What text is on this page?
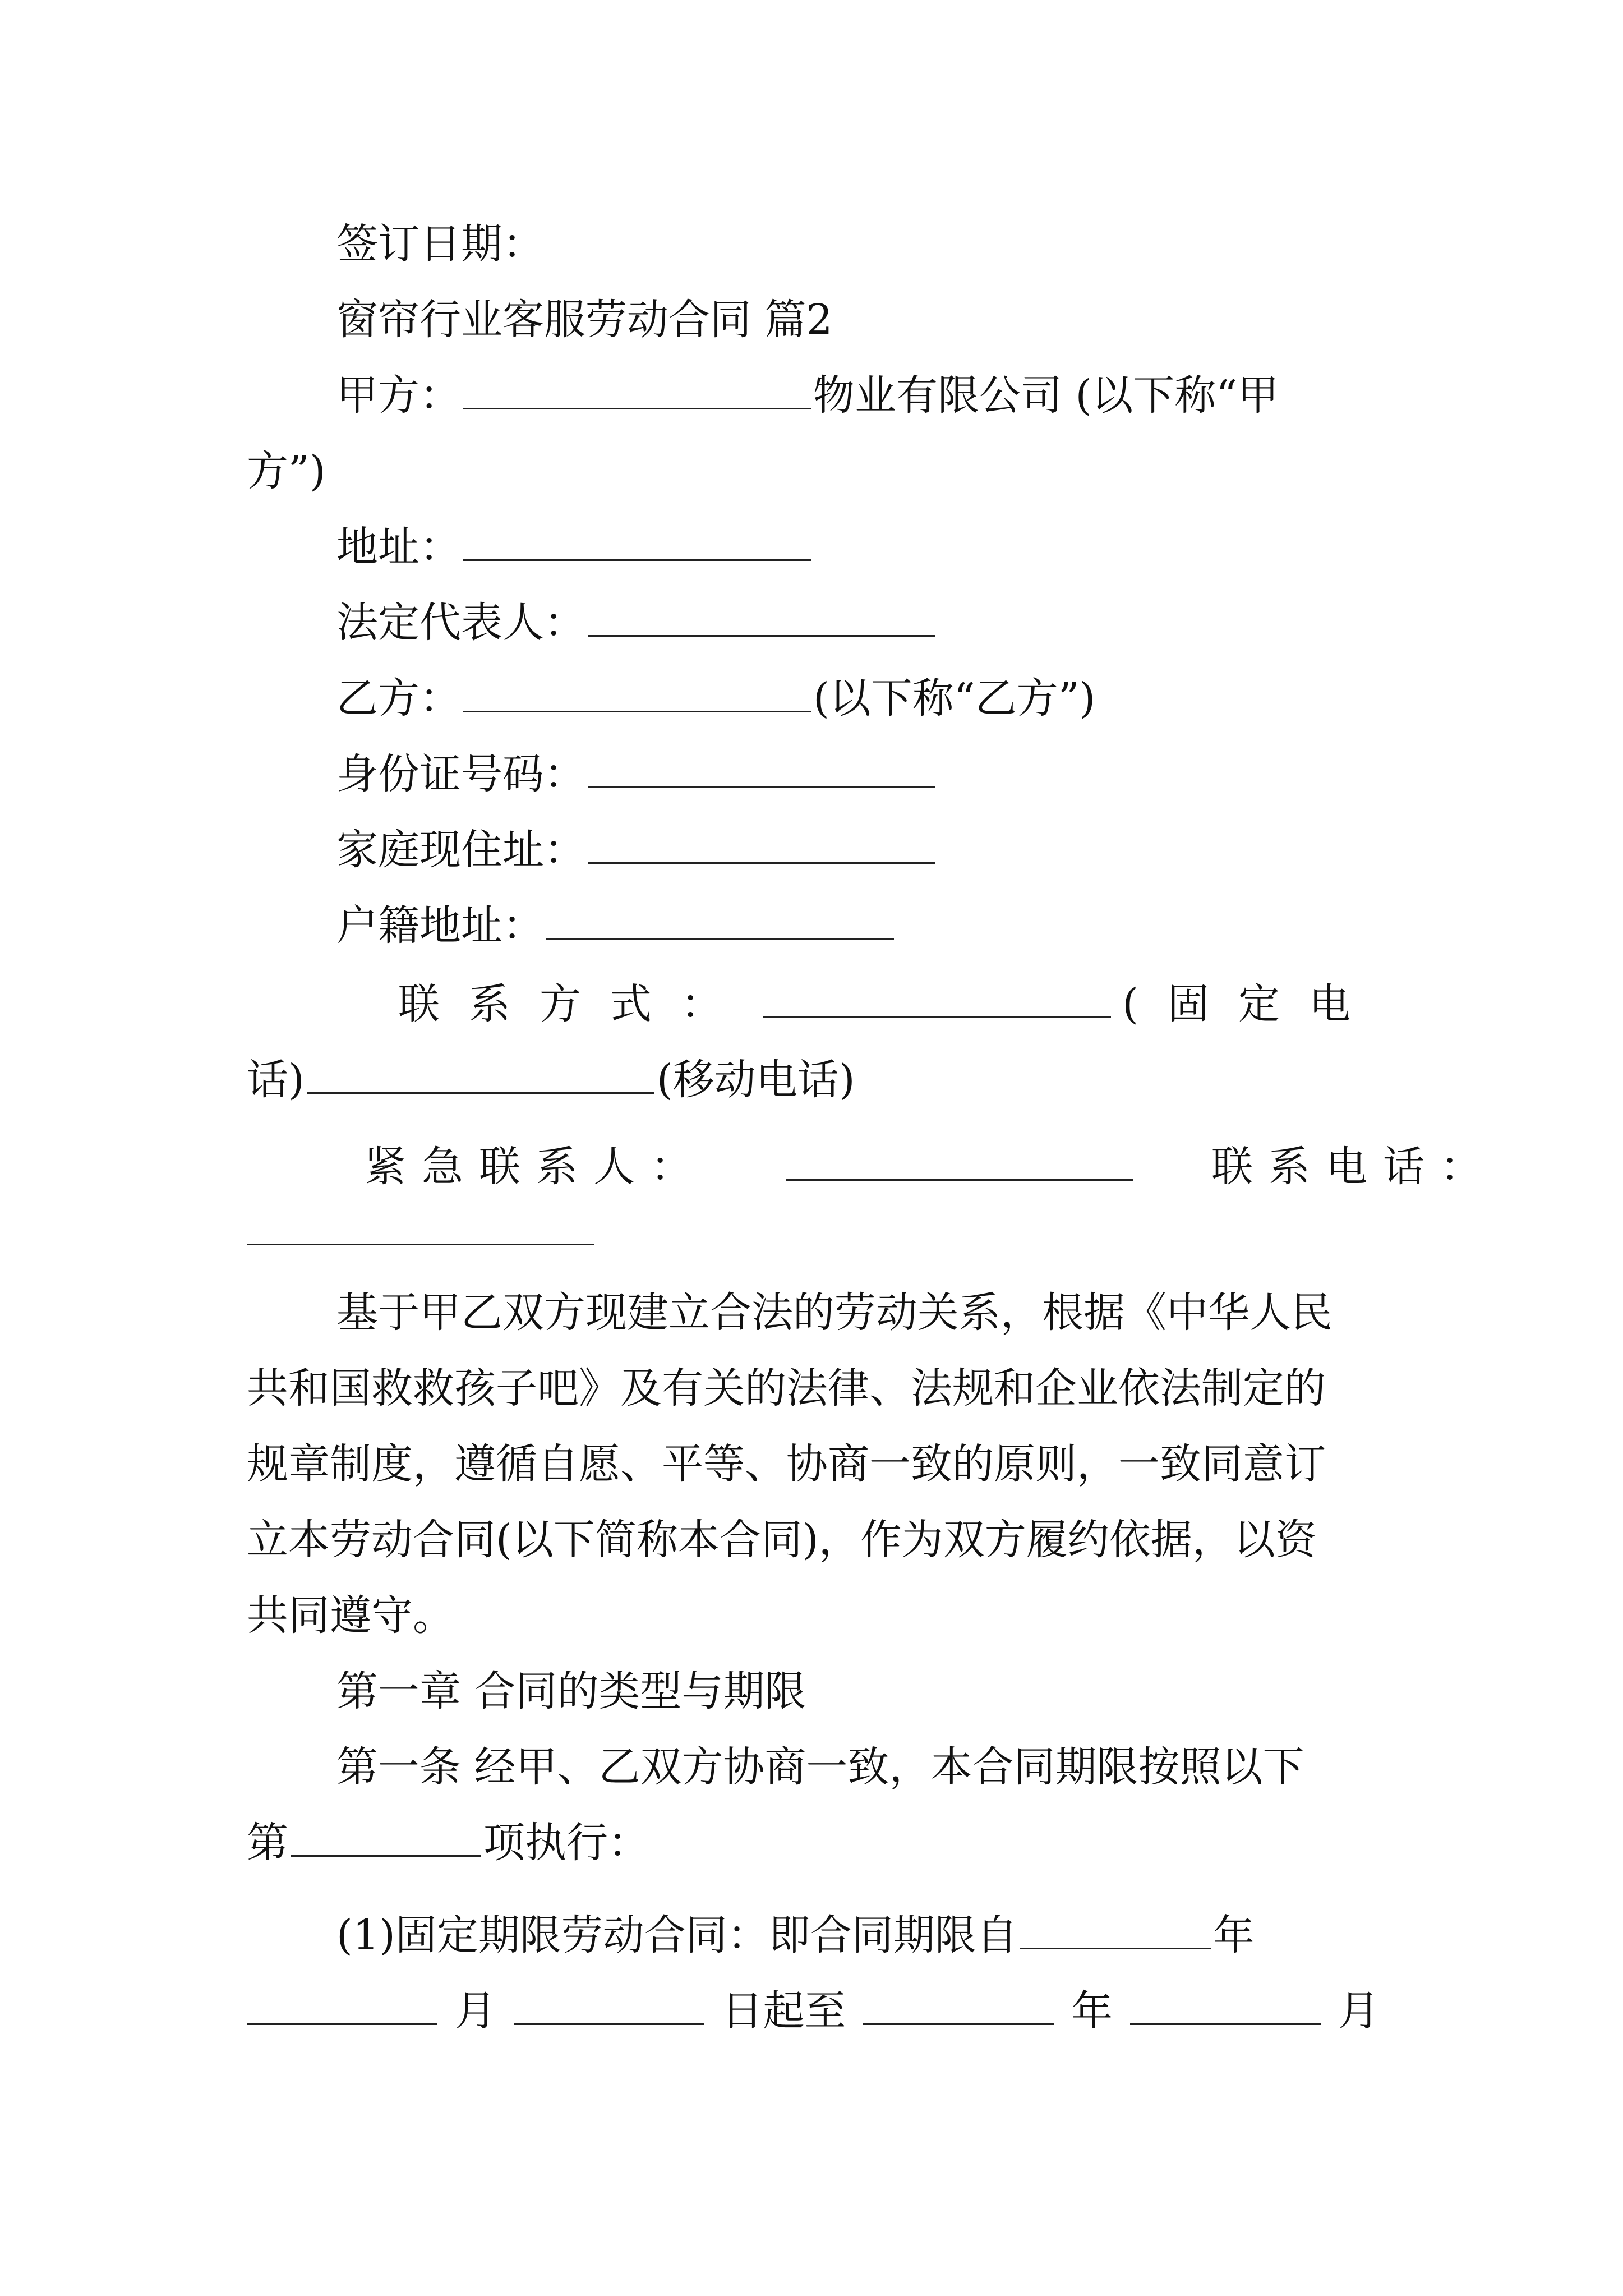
签订日期：
窗帘行业客服劳动合同 篇2
甲方：	物业有限公司 (以下称“甲
方”)
地址：
法定代表人：
乙方：	(以下称“乙方”)
身份证号码：
家庭现住址：
户籍地址：
联系方式：	(固定电
话)	(移动电话)
紧急联系人：	联系电话：
基于甲乙双方现建立合法的劳动关系，根据《中华人民
共和国救救孩子吧》及有关的法律、法规和企业依法制定的
规章制度，遵循自愿、平等、协商一致的原则，一致同意订
立本劳动合同(以下简称本合同)，作为双方履约依据，以资
共同遵守。
第一章 合同的类型与期限
第一条 经甲、乙双方协商一致，本合同期限按照以下
第	项执行：
(1)固定期限劳动合同：即合同期限自	年
月	日起至	年	月
